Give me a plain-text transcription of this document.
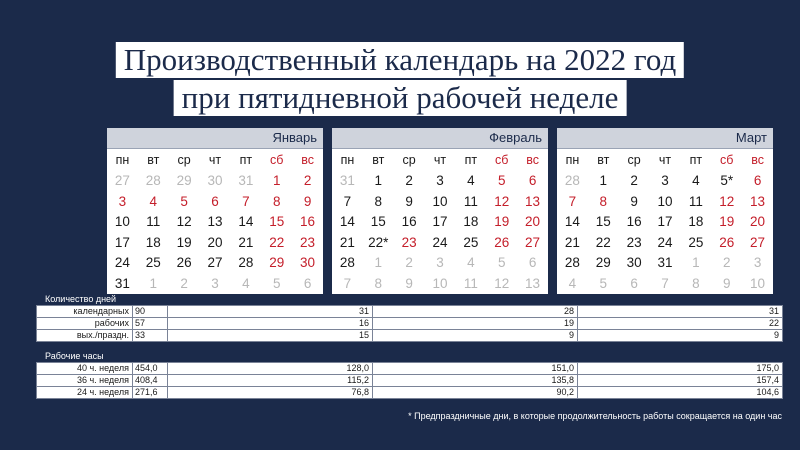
Производственный календарь на 2022 год
при пятидневной рабочей неделе
Январь
пн	вт	ср	чт	пт	сб	вс
27	28	29	30	31	1	2
3	4	5	6	7	8	9
10	11	12	13	14	15	16
17	18	19	20	21	22	23
24	25	26	27	28	29	30
31	1	2	3	4	5	6
Февраль
пн	вт	ср	чт	пт	сб	вс
31	1	2	3	4	5	6
7	8	9	10	11	12	13
14	15	16	17	18	19	20
21 22* 23	24	25	26	27
28	1	2	3	4	5	6
7	8	9	10	11	12	13
Март
пн	вт	ср	чт	пт	сб	вс
28	1	2	3	4	5*	6
7	8	9	10	11	12	13
14	15	16	17	18	19	20
21	22	23	24	25	26	27
28	29	30	31	1	2	3
4	5	6	7	8	9	10
Количество дней
календарных	90	31	28	31
рабочих	57	16	19	22
вых./праздн.	33	15	9	9
Рабочие часы
40 ч. неделя	454,0	128,0	151,0	175,0
36 ч. неделя	408,4	115,2	135,8	157,4
24 ч. неделя	271,6	76,8	90,2	104,6
* Предпраздничные дни, в которые продолжительность работы сокращается на один час
